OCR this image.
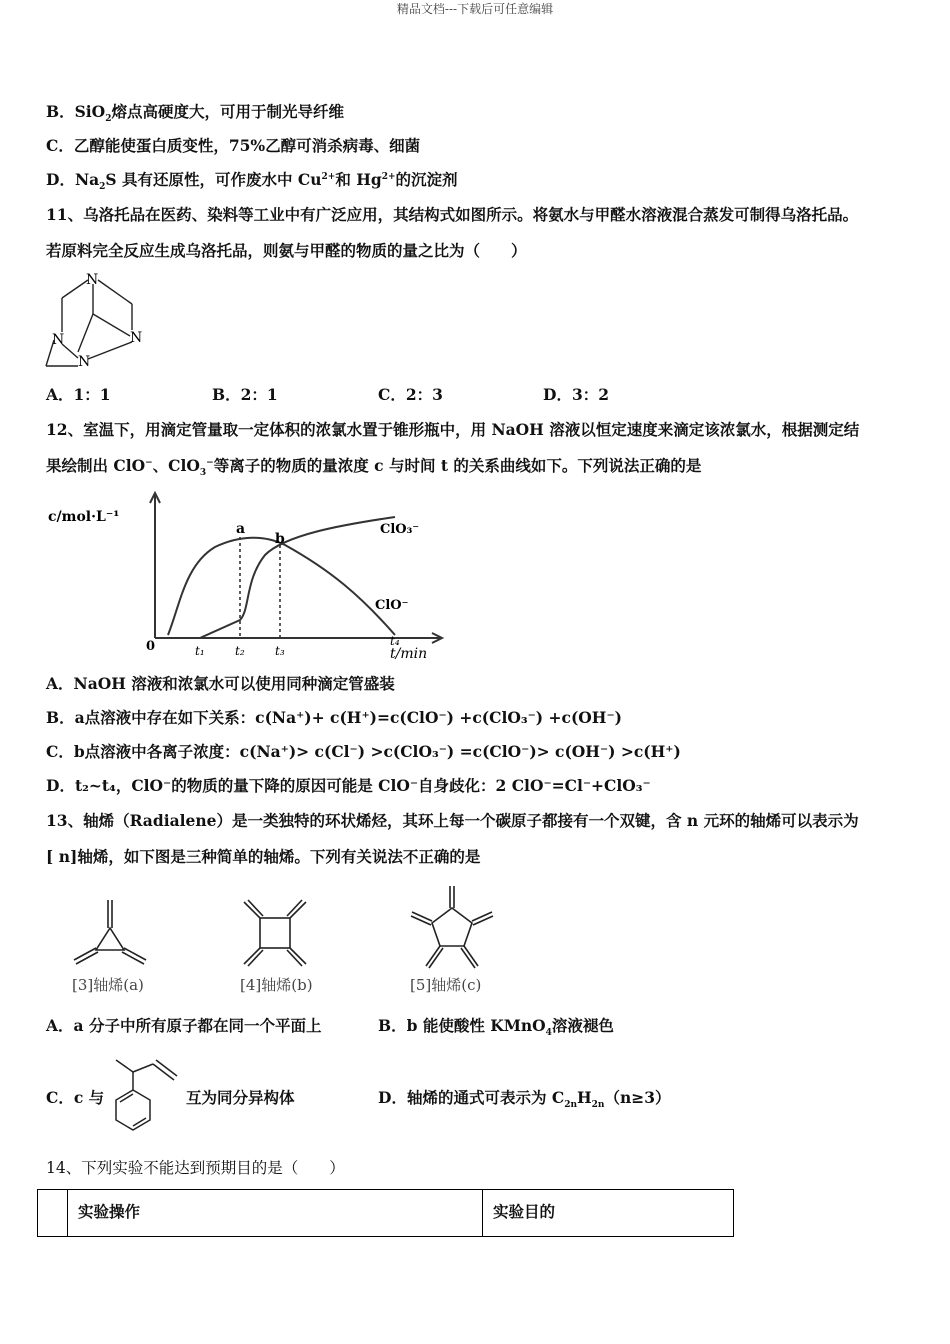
精品文档---下载后可任意编辑
B．SiO$_2$熔点高硬度大，可用于制光导纤维
C．乙醇能使蛋白质变性，75%乙醇可消杀病毒、细菌
D．$Na_2S$ 具有还原性，可作废水中 $Cu^{2+}$和 $Hg^{2+}$的沉淀剂
11、乌洛托品在医药、染料等工业中有广泛应用，其结构式如图所示。将氨水与甲醛水溶液混合蒸发可制得乌洛托品。
若原料完全反应生成乌洛托品，则氨与甲醛的物质的量之比为（　　）
N
N
N
N
A．1：1	B．2：1	C．2：3	D．3：2
12、室温下，用滴定管量取一定体积的浓氯水置于锥形瓶中，用 NaOH 溶液以恒定速度来滴定该浓氯水，根据测定结
果绘制出 ClO−、ClO$_3$−等离子的物质的量浓度 c 与时间 t 的关系曲线如下。下列说法正确的是
c/mol·L⁻¹
t/min
0
a
b
ClO₃⁻
ClO⁻
t₁	t₂	t₃
t₄
A．NaOH 溶液和浓氯水可以使用同种滴定管盛装
B．a点溶液中存在如下关系：c(Na⁺)+ c(H⁺)=c(ClO⁻) +c(ClO₃⁻) +c(OH⁻)
C．b点溶液中各离子浓度：c(Na⁺)> c(Cl⁻) >c(ClO₃⁻) =c(ClO⁻)> c(OH⁻) >c(H⁺)
D．t₂~t₄，ClO⁻的物质的量下降的原因可能是 ClO⁻自身歧化：2 ClO⁻=Cl⁻+ClO₃⁻
13、轴烯（Radialene）是一类独特的环状烯烃，其环上每一个碳原子都接有一个双键，含 n 元环的轴烯可以表示为
[ n]轴烯，如下图是三种简单的轴烯。下列有关说法不正确的是
[3]轴烯(a)	[4]轴烯(b)	[5]轴烯(c)
A．a 分子中所有原子都在同一个平面上	B．b 能使酸性 KMnO$_4$溶液褪色
C．c 与	互为同分异构体	D．轴烯的通式可表示为 $C_{2n}H_{2n}(n\ge 3)$
14、下列实验不能达到预期目的是（　　）
	实验操作	实验目的
